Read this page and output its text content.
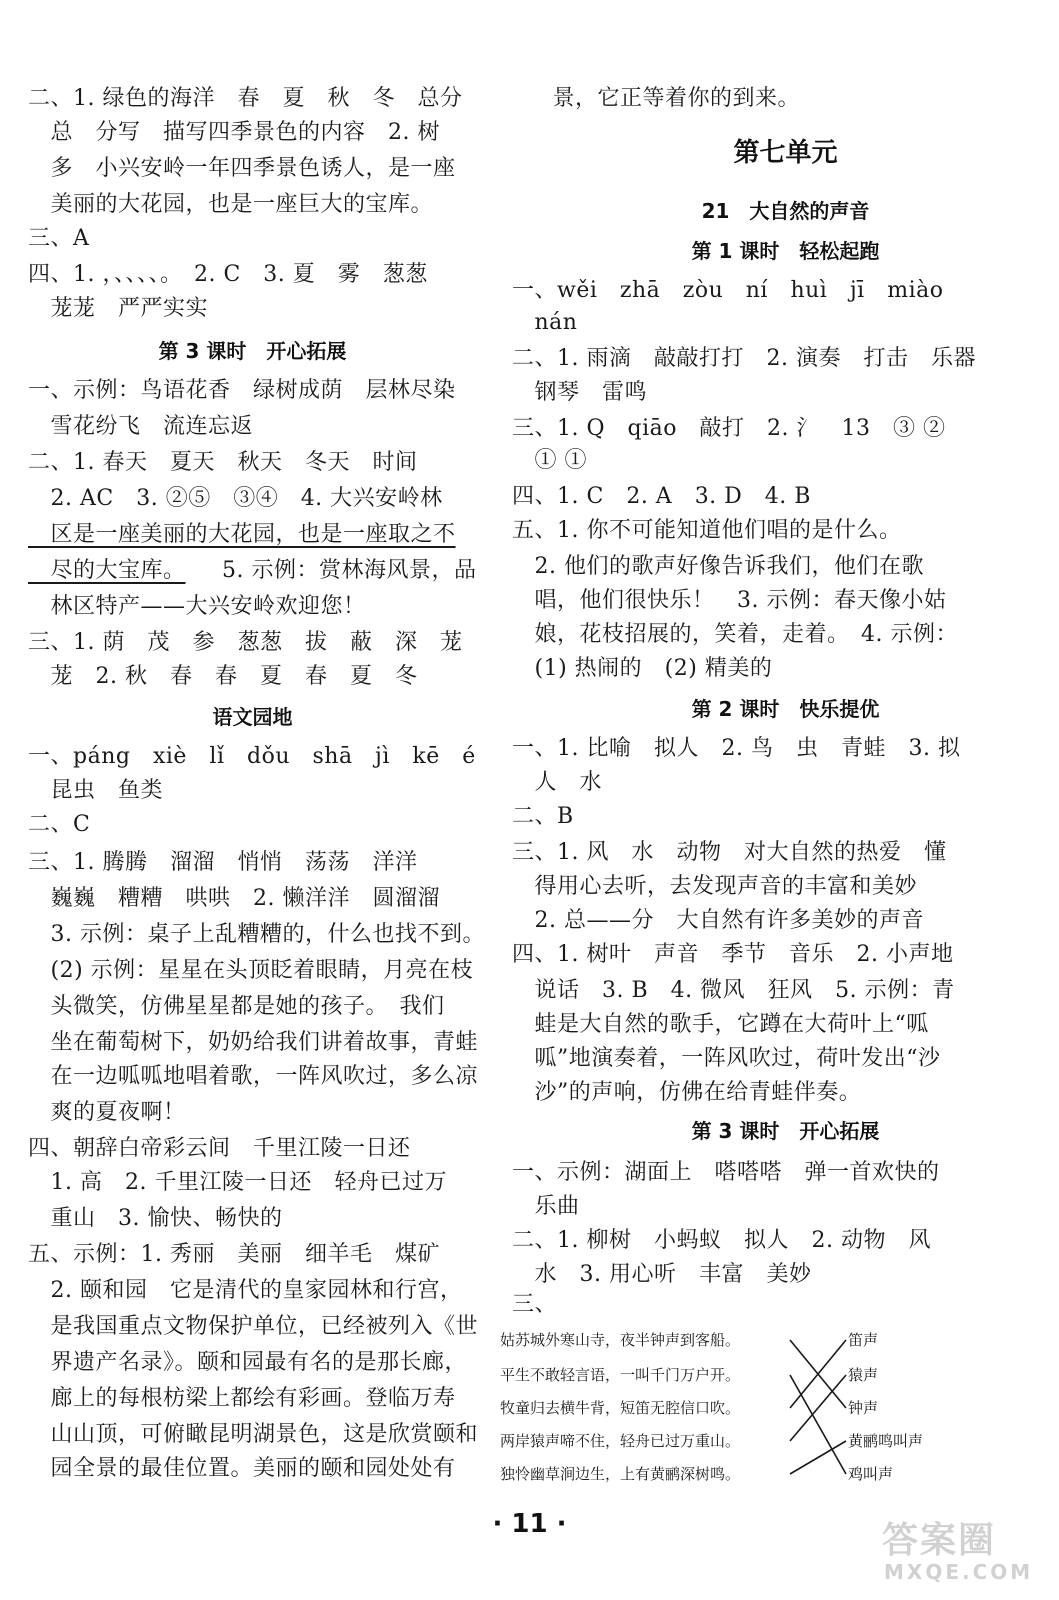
二、1. 绿色的海洋　春　夏　秋　冬　总分
　总　分写　描写四季景色的内容　2. 树
　多　小兴安岭一年四季景色诱人，是一座
　美丽的大花园，也是一座巨大的宝库。
三、A
四、1. ，、、、、。　2. C　3. 夏　雾　葱葱
　茏茏　严严实实
第 3 课时　开心拓展
一、示例：鸟语花香　绿树成荫　层林尽染
　雪花纷飞　流连忘返
二、1. 春天　夏天　秋天　冬天　时间
　2. AC　3. ②⑤　③④　4. 大兴安岭林
　区是一座美丽的大花园，也是一座取之不
　尽的大宝库。 5. 示例：赏林海风景，品
　林区特产——大兴安岭欢迎您！
三、1. 荫　茂　参　葱葱　拔　蔽　深　茏
　茏　2. 秋　春　春　夏　春　夏　冬
语文园地
一、páng　xiè　lǐ　dǒu　shā　jì　kē　é
　昆虫　鱼类
二、C
三、1. 腾腾　溜溜　悄悄　荡荡　洋洋
　巍巍　糟糟　哄哄　2. 懒洋洋　圆溜溜
　3. 示例：桌子上乱糟糟的，什么也找不到。
　(2) 示例：星星在头顶眨着眼睛，月亮在枝
　头微笑，仿佛星星都是她的孩子。　我们
　坐在葡萄树下，奶奶给我们讲着故事，青蛙
　在一边呱呱地唱着歌，一阵风吹过，多么凉
　爽的夏夜啊！
四、朝辞白帝彩云间　千里江陵一日还
　1. 高　2. 千里江陵一日还　轻舟已过万
　重山　3. 愉快、畅快的
五、示例：1. 秀丽　美丽　细羊毛　煤矿
　2. 颐和园　它是清代的皇家园林和行宫，
　是我国重点文物保护单位，已经被列入《世
　界遗产名录》。颐和园最有名的是那长廊，
　廊上的每根枋梁上都绘有彩画。登临万寿
　山山顶，可俯瞰昆明湖景色，这是欣赏颐和
　园全景的最佳位置。美丽的颐和园处处有
　景，它正等着你的到来。
第七单元
21　大自然的声音
第 1 课时　轻松起跑
一、wěi　zhā　zòu　ní　huì　jī　miào
　nán
二、1. 雨滴　敲敲打打　2. 演奏　打击　乐器
　钢琴　雷鸣
三、1. Q　qiāo　敲打　2. 氵　13　③ ②
　① ①
四、1. C　2. A　3. D　4. B
五、1. 你不可能知道他们唱的是什么。
　2. 他们的歌声好像告诉我们，他们在歌
　唱，他们很快乐！　3. 示例：春天像小姑
　娘，花枝招展的，笑着，走着。　4. 示例：
　(1) 热闹的　(2) 精美的
第 2 课时　快乐提优
一、1. 比喻　拟人　2. 鸟　虫　青蛙　3. 拟
　人　水
二、B
三、1. 风　水　动物　对大自然的热爱　懂
　得用心去听，去发现声音的丰富和美妙
　2. 总——分　大自然有许多美妙的声音
四、1. 树叶　声音　季节　音乐　2. 小声地
　说话　3. B　4. 微风　狂风　5. 示例：青
　蛙是大自然的歌手，它蹲在大荷叶上“呱
　呱”地演奏着，一阵风吹过，荷叶发出“沙
　沙”的声响，仿佛在给青蛙伴奏。
第 3 课时　开心拓展
一、示例：湖面上　嗒嗒嗒　弹一首欢快的
　乐曲
二、1. 柳树　小蚂蚁　拟人　2. 动物　风
　水　3. 用心听　丰富　美妙
三、
姑苏城外寒山寺，夜半钟声到客船。
平生不敢轻言语，一叫千门万户开。
牧童归去横牛背，短笛无腔信口吹。
两岸猿声啼不住，轻舟已过万重山。
独怜幽草涧边生，上有黄鹂深树鸣。
笛声
猿声
钟声
黄鹂鸣叫声
鸡叫声
· 11 ·	答案圈
MXQE.COM
